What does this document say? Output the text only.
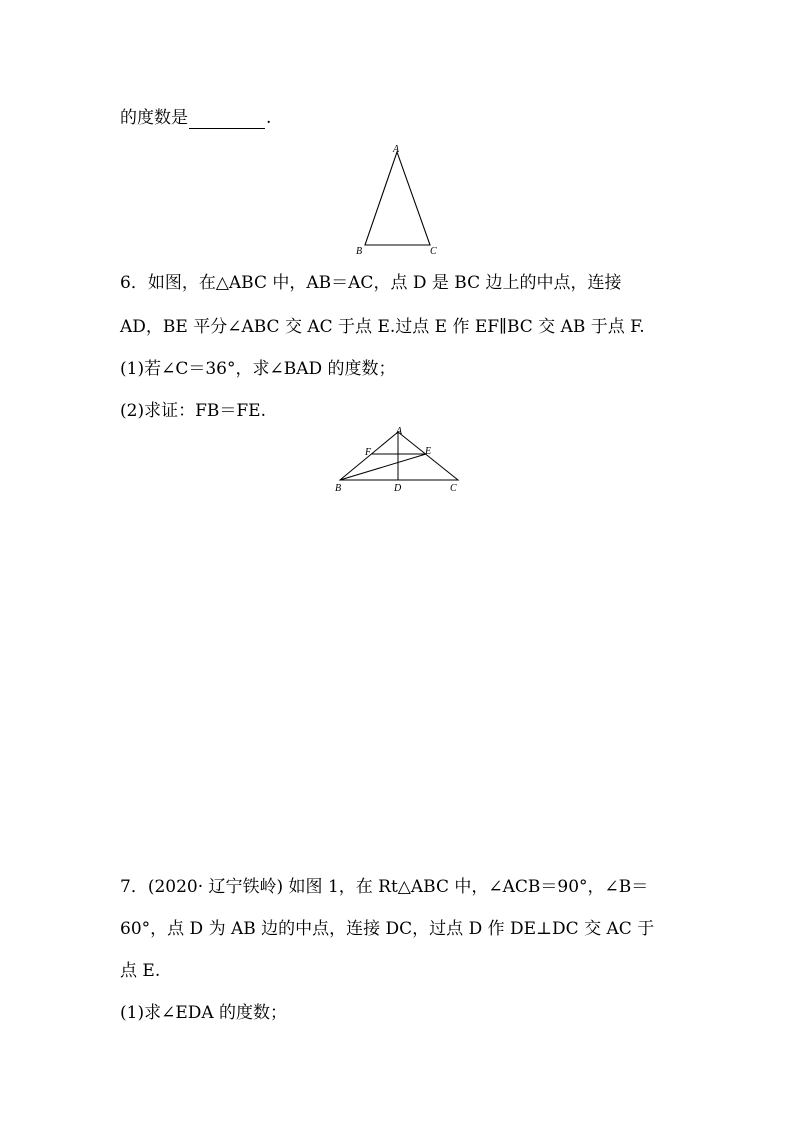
的度数是	.
A
B	C
6．如图，在△ABC 中，AB＝AC，点 D 是 BC 边上的中点，连接
AD，BE 平分∠ABC 交 AC 于点 E.过点 E 作 EF∥BC 交 AB 于点 F.
(1)若∠C＝36°，求∠BAD 的度数；
(2)求证：FB＝FE.
A
F	E
B	D	C
7．(2020· 辽宁铁岭) 如图 1，在 Rt△ABC 中，∠ACB＝90°，∠B＝
60°，点 D 为 AB 边的中点，连接 DC，过点 D 作 DE⊥DC 交 AC 于
点 E.
(1)求∠EDA 的度数；
